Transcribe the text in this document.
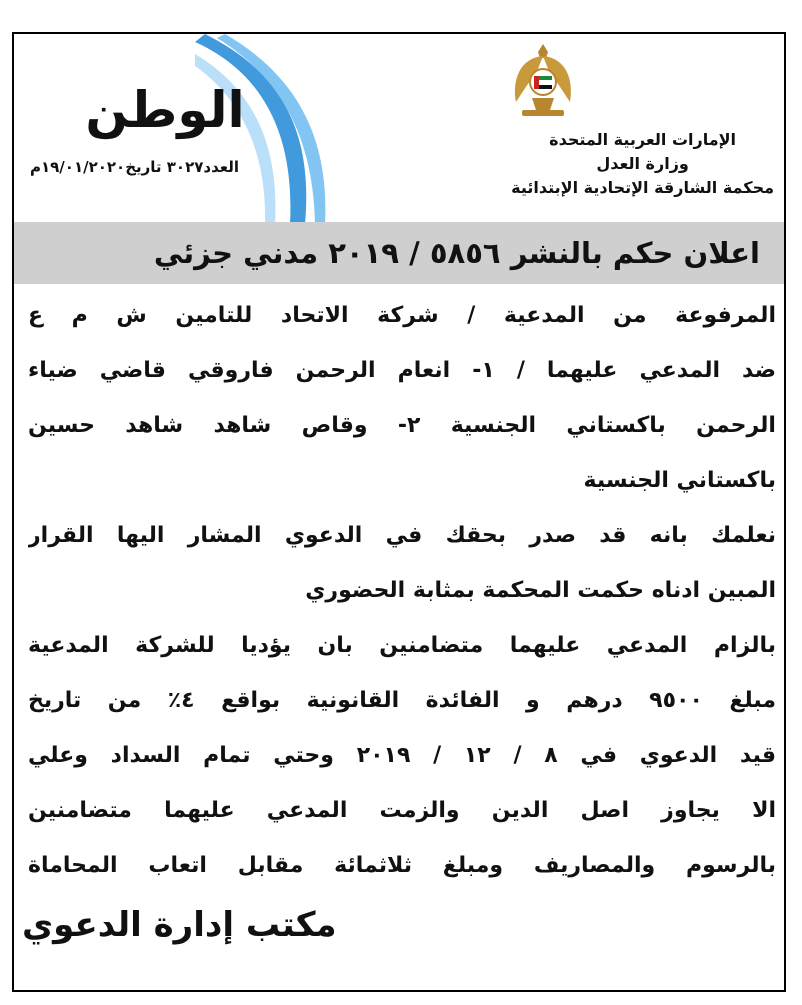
الوطن
العدد٣٠٢٧ تاريخ١٩/٠١/٢٠٢٠م
الإمارات العربية المتحدة
وزارة العدل
محكمة الشارقة الإتحادية الإبتدائية
اعلان حكم بالنشر ٥٨٥٦ / ٢٠١٩ مدني جزئي
المرفوعة من المدعية / شركة الاتحاد للتامين ش م ع
ضد المدعي عليهما / ١- انعام الرحمن فاروقي قاضي ضياء
الرحمن باكستاني الجنسية ٢- وقاص شاهد شاهد حسين
باكستاني الجنسية
نعلمك بانه قد صدر بحقك في الدعوي المشار اليها القرار
المبين ادناه حكمت المحكمة بمثابة الحضوري
بالزام المدعي عليهما متضامنين بان يؤديا للشركة المدعية
مبلغ ٩٥٠٠ درهم و الفائدة القانونية بواقع ٤٪ من تاريخ
قيد الدعوي في ٨ / ١٢ / ٢٠١٩ وحتي تمام السداد وعلي
الا يجاوز اصل الدين والزمت المدعي عليهما متضامنين
بالرسوم والمصاريف ومبلغ ثلاثمائة مقابل اتعاب المحاماة
مكتب إدارة الدعوي
